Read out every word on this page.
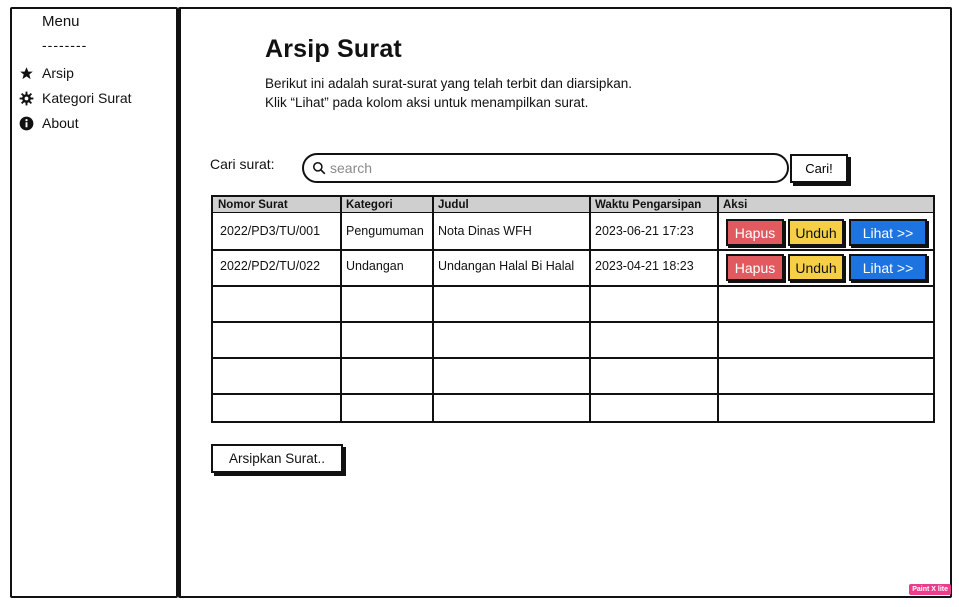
Menu
--------
Arsip
Kategori Surat
About
Arsip Surat
Berikut ini adalah surat-surat yang telah terbit dan diarsipkan.
Klik “Lihat” pada kolom aksi untuk menampilkan surat.
Cari surat:	search	Cari!
Nomor Surat	Kategori	Judul	Waktu Pengarsipan	Aksi
2022/PD3/TU/001	Pengumuman	Nota Dinas WFH	2023-06-21 17:23	Hapus	Unduh	Lihat >>
2022/PD2/TU/022	Undangan	Undangan Halal Bi Halal	2023-04-21 18:23	Hapus	Unduh	Lihat >>
Arsipkan Surat..
Paint X lite
